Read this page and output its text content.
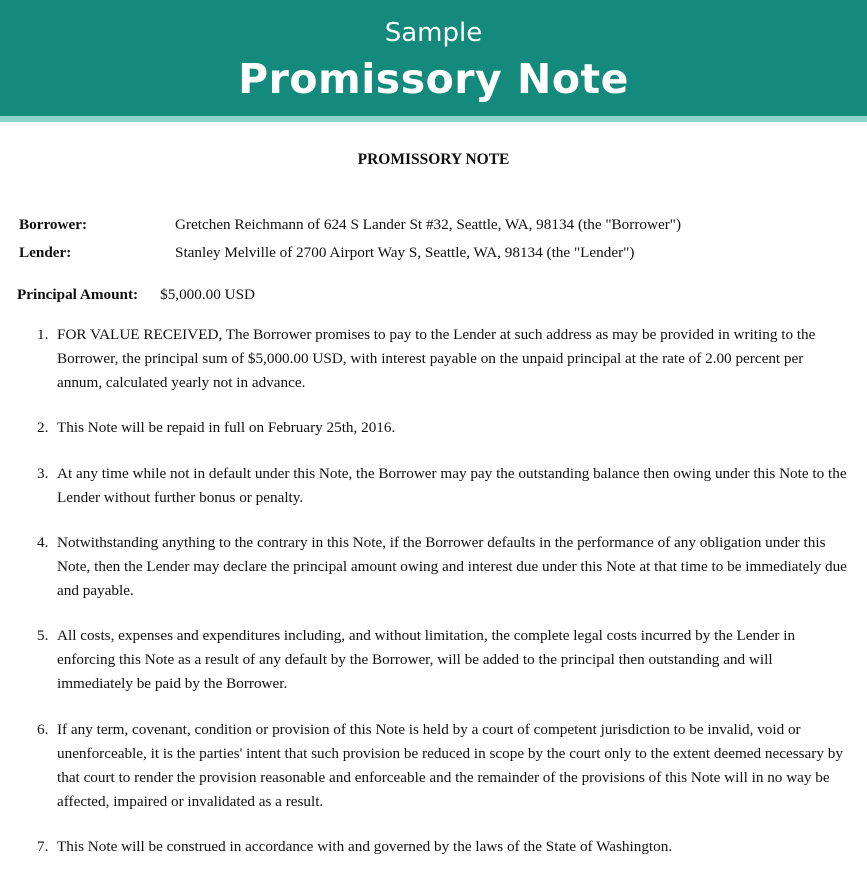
Sample
Promissory Note
PROMISSORY NOTE
Borrower:	Gretchen Reichmann of 624 S Lander St #32, Seattle, WA, 98134 (the "Borrower")
Lender:	Stanley Melville of 2700 Airport Way S, Seattle, WA, 98134 (the "Lender")
Principal Amount: $5,000.00 USD
1. FOR VALUE RECEIVED, The Borrower promises to pay to the Lender at such address as may be provided in writing to the Borrower, the principal sum of $5,000.00 USD, with interest payable on the unpaid principal at the rate of 2.00 percent per annum, calculated yearly not in advance.
2. This Note will be repaid in full on February 25th, 2016.
3. At any time while not in default under this Note, the Borrower may pay the outstanding balance then owing under this Note to the Lender without further bonus or penalty.
4. Notwithstanding anything to the contrary in this Note, if the Borrower defaults in the performance of any obligation under this Note, then the Lender may declare the principal amount owing and interest due under this Note at that time to be immediately due and payable.
5. All costs, expenses and expenditures including, and without limitation, the complete legal costs incurred by the Lender in enforcing this Note as a result of any default by the Borrower, will be added to the principal then outstanding and will immediately be paid by the Borrower.
6. If any term, covenant, condition or provision of this Note is held by a court of competent jurisdiction to be invalid, void or unenforceable, it is the parties' intent that such provision be reduced in scope by the court only to the extent deemed necessary by that court to render the provision reasonable and enforceable and the remainder of the provisions of this Note will in no way be affected, impaired or invalidated as a result.
7. This Note will be construed in accordance with and governed by the laws of the State of Washington.
